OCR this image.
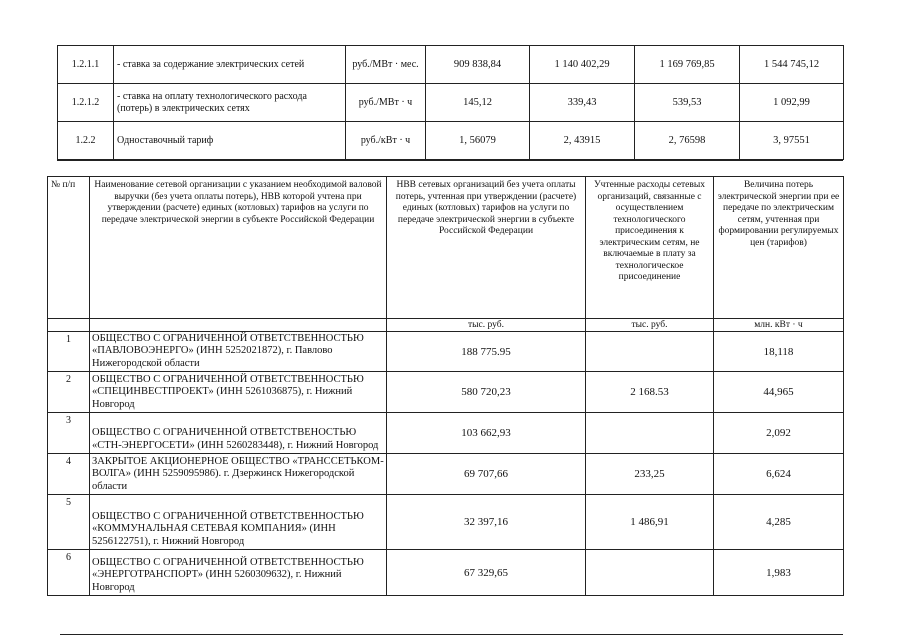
1.2.1.1	- ставка за содержание электрических сетей	руб./МВт · мес.	909 838,84	1 140 402,29	1 169 769,85	1 544 745,12
1.2.1.2	- ставка на оплату технологического расхода (потерь) в электрических сетях	руб./МВт · ч	145,12	339,43	539,53	1 092,99
1.2.2	Одноставочный тариф	руб./кВт · ч	1, 56079	2, 43915	2, 76598	3, 97551
№ п/п	Наименование сетевой организации с указанием необходимой валовой выручки (без учета оплаты потерь), НВВ которой учтена при утверждении (расчете) единых (котловых) тарифов на услуги по передаче электрической энергии в субъекте Российской Федерации	НВВ сетевых организаций без учета оплаты потерь, учтенная при утверждении (расчете) единых (котловых) тарифов на услуги по передаче электрической энергии в субъекте Российской Федерации	Учтенные расходы сетевых организаций, связанные с осуществлением технологического присоединения к электрическим сетям, не включаемые в плату за технологическое присоединение	Величина потерь электрической энергии при ее передаче по электрическим сетям, учтенная при формировании регулируемых цен (тарифов)
		тыс. руб.	тыс. руб.	млн. кВт · ч
1	ОБЩЕСТВО С ОГРАНИЧЕННОЙ ОТВЕТСТВЕННОСТЬЮ «ПАВЛОВОЭНЕРГО» (ИНН 5252021872), г. Павлово Нижегородской области	188 775.95		18,118
2	ОБЩЕСТВО С ОГРАНИЧЕННОЙ ОТВЕТСТВЕННОСТЬЮ «СПЕЦИНВЕСТПРОЕКТ» (ИНН 5261036875), г. Нижний Новгород	580 720,23	2 168.53	44,965
3	ОБЩЕСТВО С ОГРАНИЧЕННОЙ ОТВЕТСТВЕНОСТЬЮ «СТН-ЭНЕРГОСЕТИ» (ИНН 5260283448), г. Нижний Новгород	103 662,93		2,092
4	ЗАКРЫТОЕ АКЦИОНЕРНОЕ ОБЩЕСТВО «ТРАНССЕТЬКОМ-ВОЛГА» (ИНН 5259095986). г. Дзержинск Нижегородской области	69 707,66	233,25	6,624
5	ОБЩЕСТВО С ОГРАНИЧЕННОЙ ОТВЕТСТВЕННОСТЬЮ «КОММУНАЛЬНАЯ СЕТЕВАЯ КОМПАНИЯ» (ИНН 5256122751), г. Нижний Новгород	32 397,16	1 486,91	4,285
6	ОБЩЕСТВО С ОГРАНИЧЕННОЙ ОТВЕТСТВЕННОСТЬЮ «ЭНЕРГОТРАНСПОРТ» (ИНН 5260309632), г. Нижний Новгород	67 329,65		1,983
